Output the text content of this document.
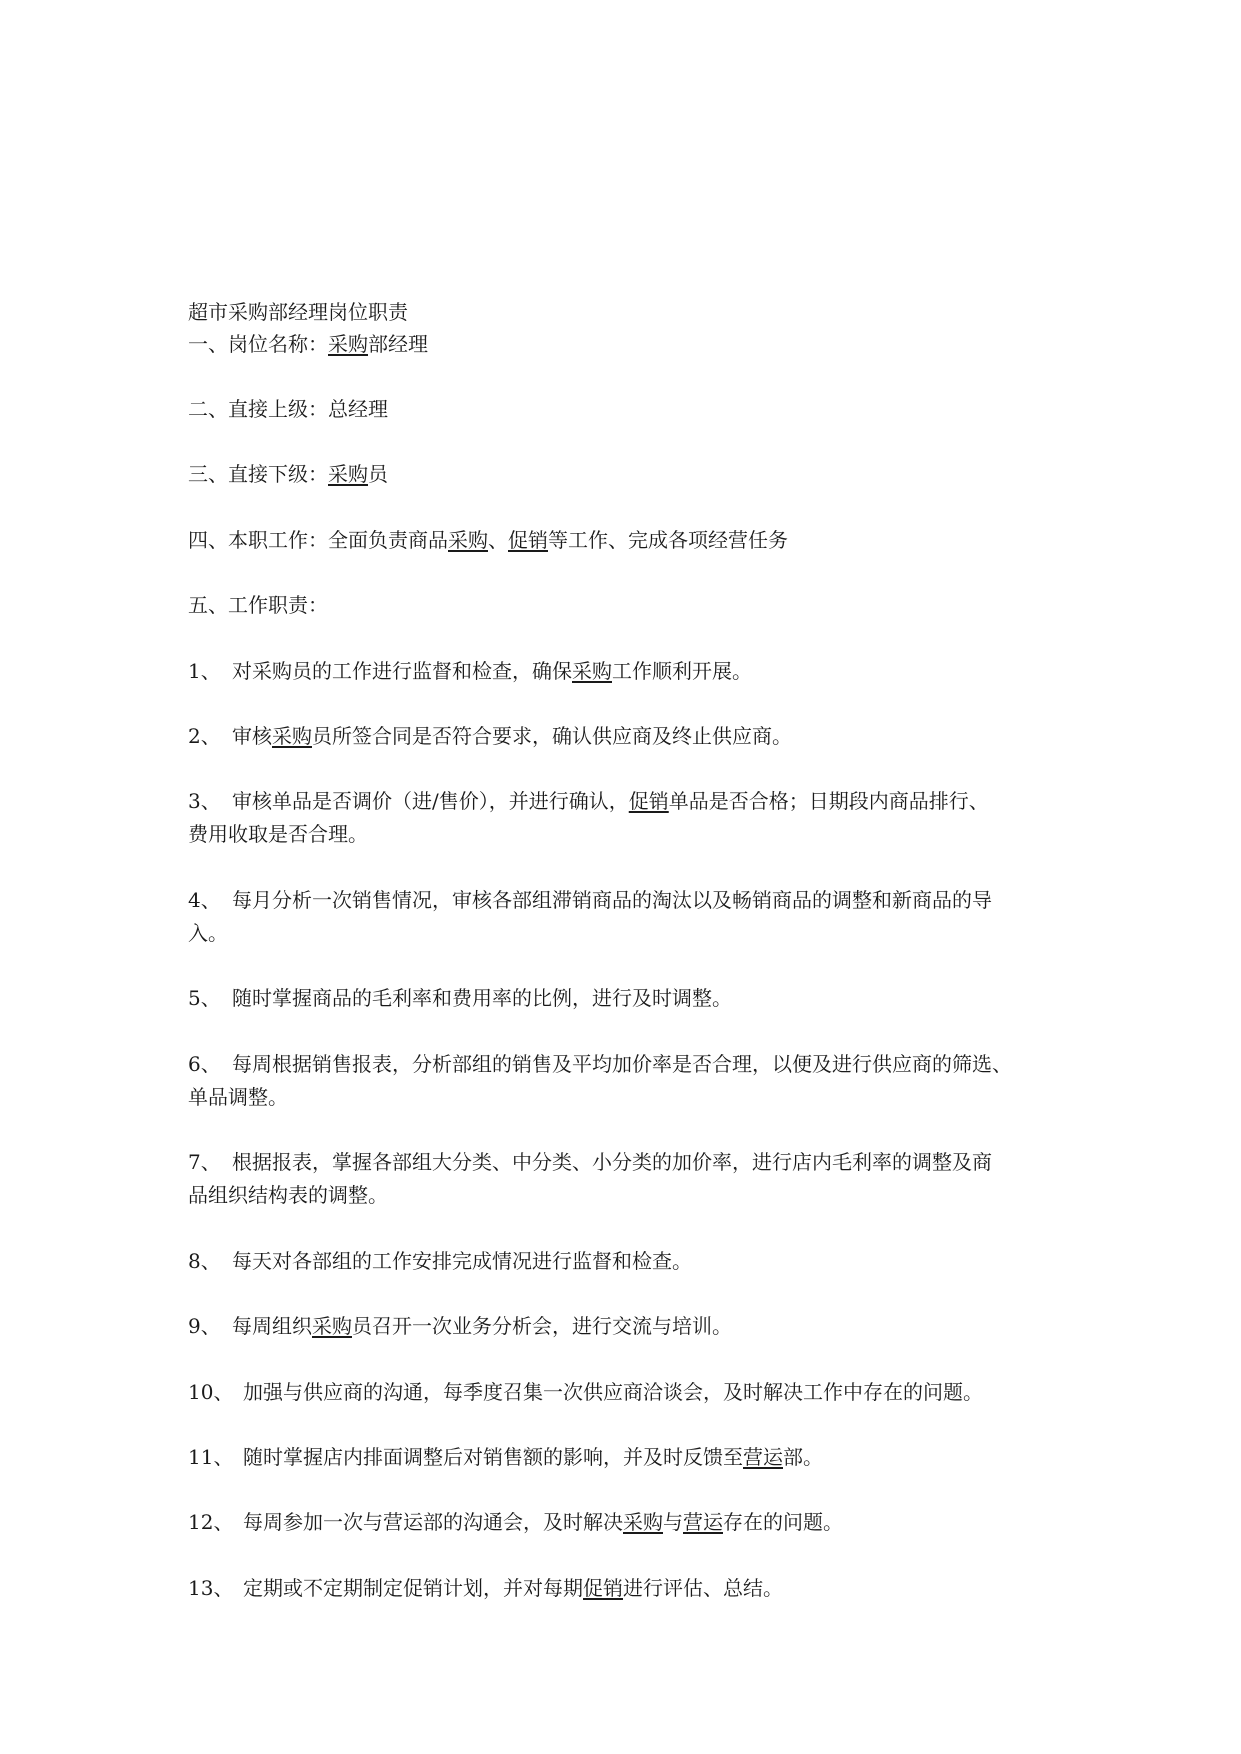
超市采购部经理岗位职责
一、岗位名称：采购部经理
二、直接上级：总经理
三、直接下级：采购员
四、本职工作：全面负责商品采购、促销等工作、完成各项经营任务
五、工作职责：
1、 对采购员的工作进行监督和检查，确保采购工作顺利开展。
2、 审核采购员所签合同是否符合要求，确认供应商及终止供应商。
3、 审核单品是否调价（进/售价），并进行确认，促销单品是否合格；日期段内商品排行、
费用收取是否合理。
4、 每月分析一次销售情况，审核各部组滞销商品的淘汰以及畅销商品的调整和新商品的导
入。
5、 随时掌握商品的毛利率和费用率的比例，进行及时调整。
6、 每周根据销售报表，分析部组的销售及平均加价率是否合理，以便及进行供应商的筛选、
单品调整。
7、 根据报表，掌握各部组大分类、中分类、小分类的加价率，进行店内毛利率的调整及商
品组织结构表的调整。
8、 每天对各部组的工作安排完成情况进行监督和检查。
9、 每周组织采购员召开一次业务分析会，进行交流与培训。
10、 加强与供应商的沟通，每季度召集一次供应商洽谈会，及时解决工作中存在的问题。
11、 随时掌握店内排面调整后对销售额的影响，并及时反馈至营运部。
12、 每周参加一次与营运部的沟通会，及时解决采购与营运存在的问题。
13、 定期或不定期制定促销计划，并对每期促销进行评估、总结。
